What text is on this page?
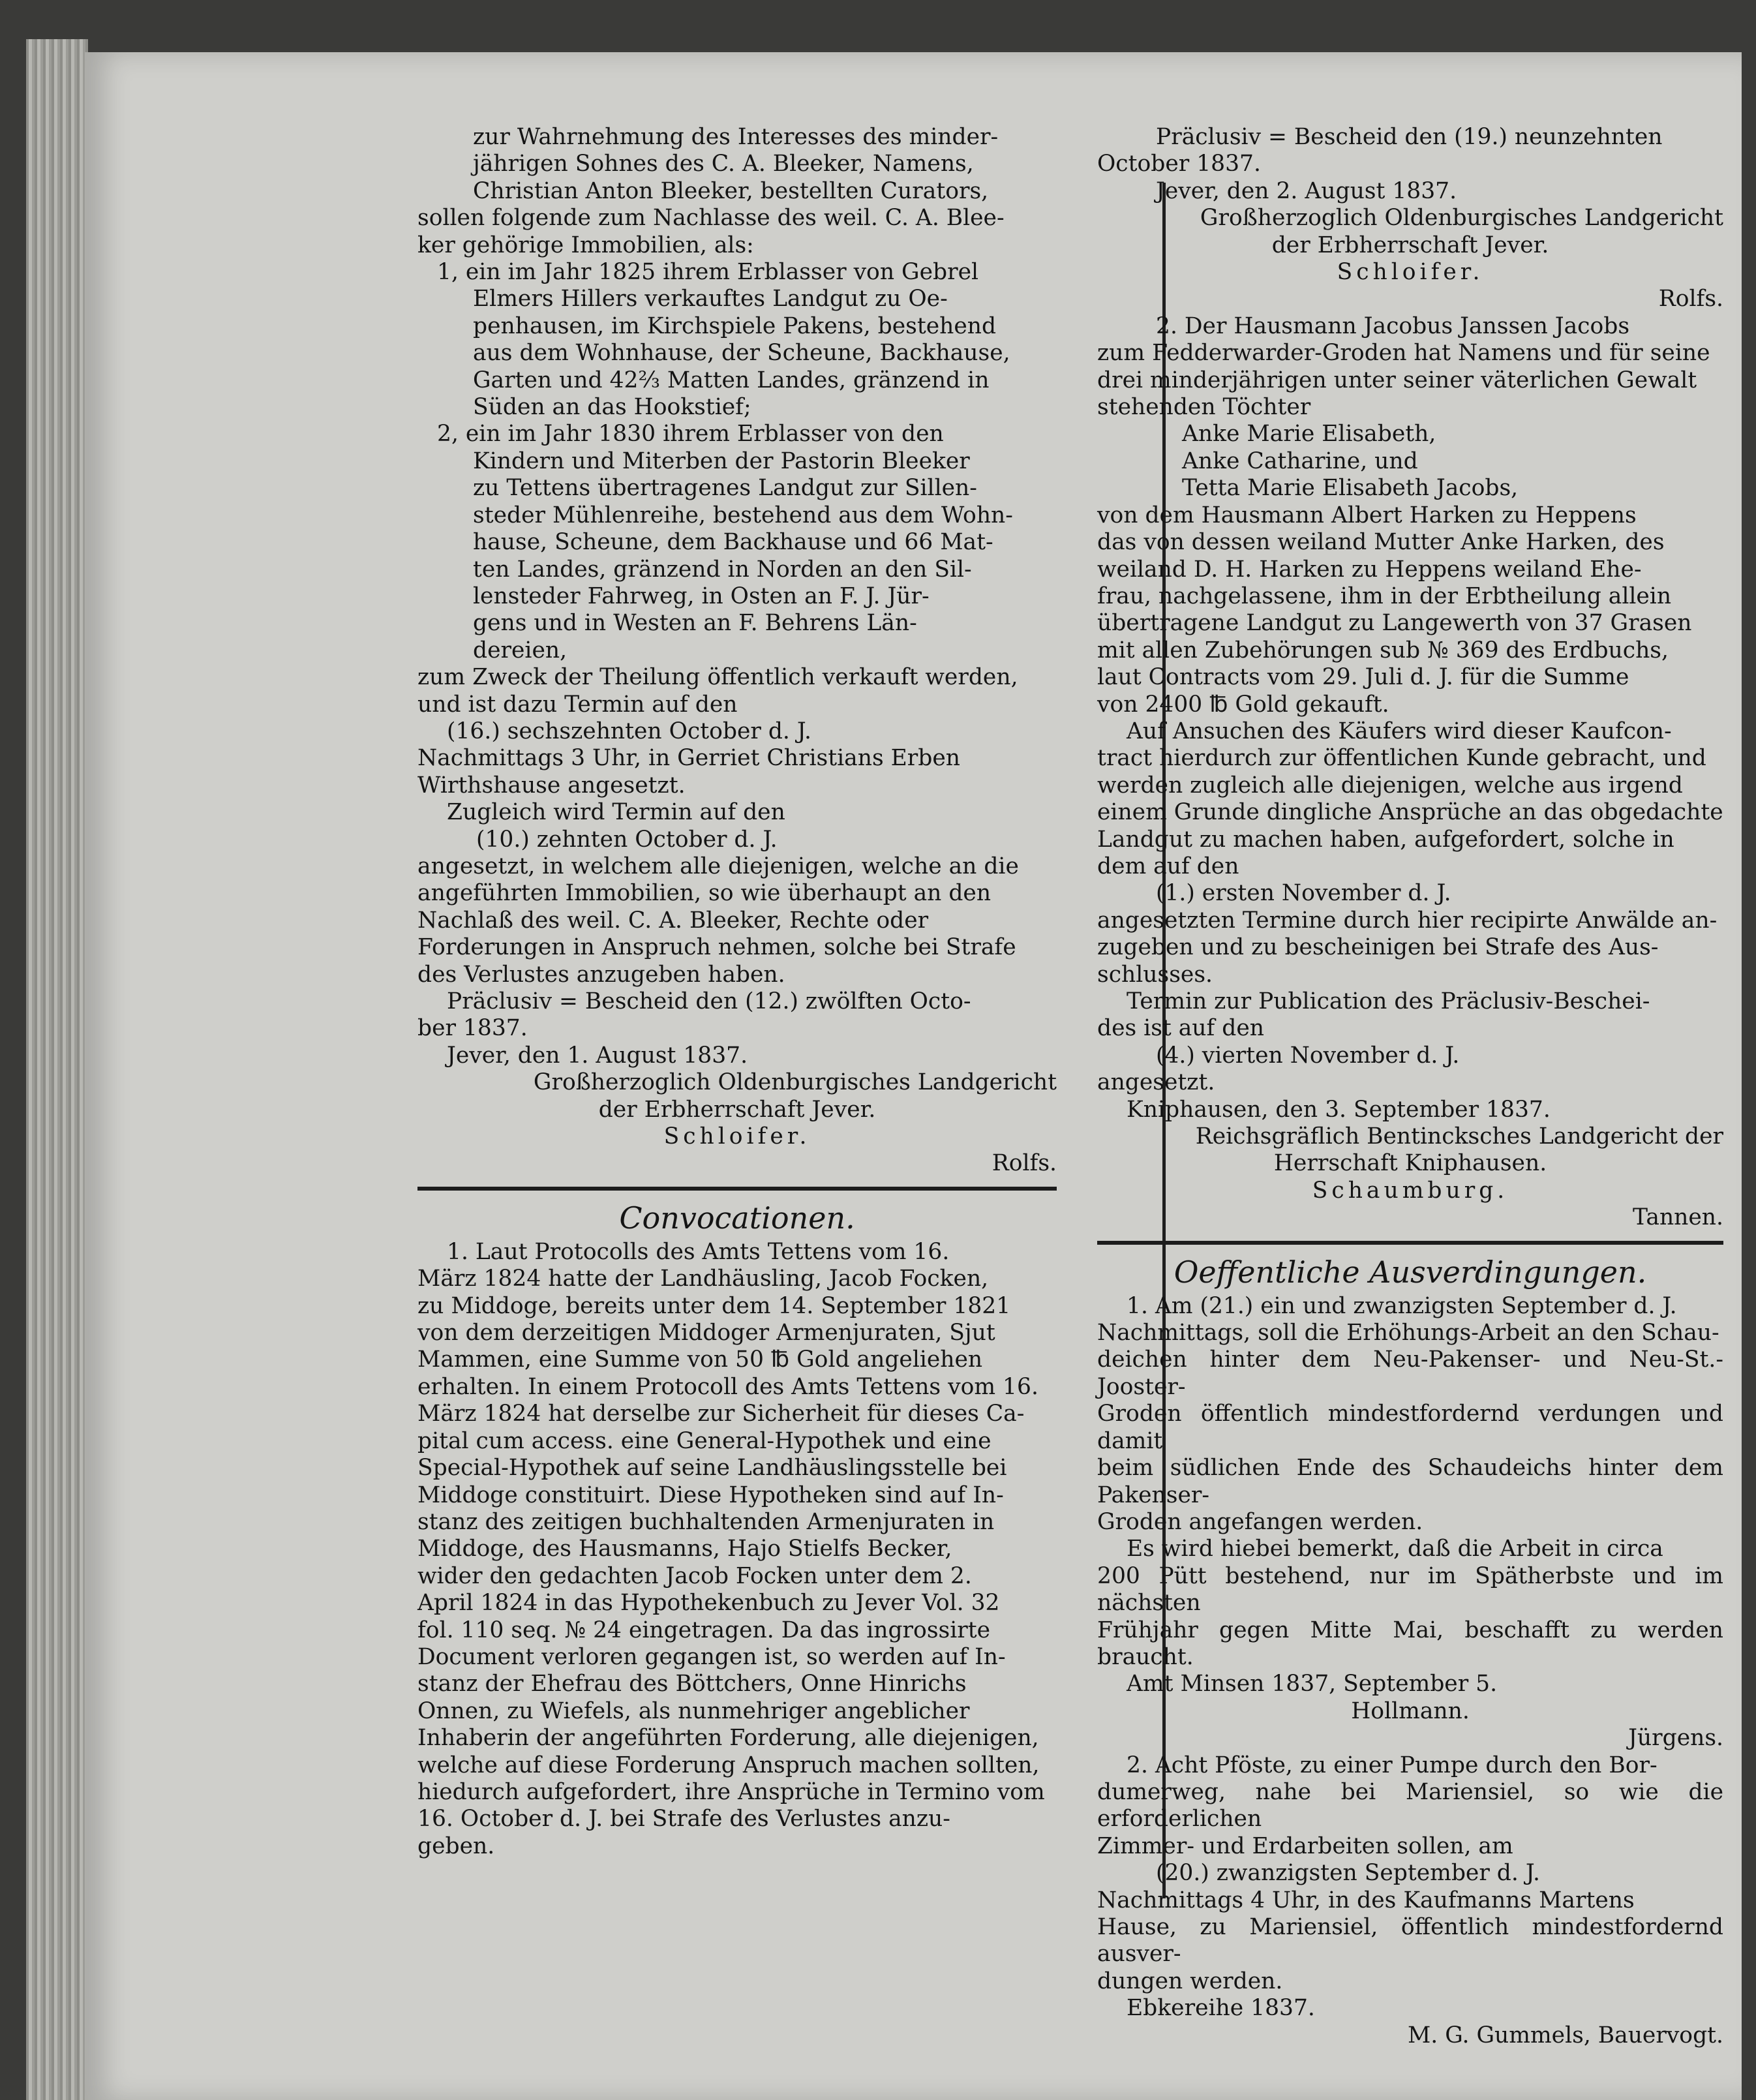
zur Wahrnehmung des Interesses des minder-

jährigen Sohnes des C. A. Bleeker, Namens,

Christian Anton Bleeker, bestellten Curators,

sollen folgende zum Nachlasse des weil. C. A. Blee-

ker gehörige Immobilien, als:

1, ein im Jahr 1825 ihrem Erblasser von Gebrel

Elmers Hillers verkauftes Landgut zu Oe-

penhausen, im Kirchspiele Pakens, bestehend

aus dem Wohnhause, der Scheune, Backhause,

Garten und 42⅔ Matten Landes, gränzend in

Süden an das Hookstief;

2, ein im Jahr 1830 ihrem Erblasser von den

Kindern und Miterben der Pastorin Bleeker

zu Tettens übertragenes Landgut zur Sillen-

steder Mühlenreihe, bestehend aus dem Wohn-

hause, Scheune, dem Backhause und 66 Mat-

ten Landes, gränzend in Norden an den Sil-

lensteder Fahrweg, in Osten an F. J. Jür-

gens und in Westen an F. Behrens Län-

dereien,

zum Zweck der Theilung öffentlich verkauft werden,

und ist dazu Termin auf den

(16.) sechszehnten October d. J.

Nachmittags 3 Uhr, in Gerriet Christians Erben

Wirthshause angesetzt.

Zugleich wird Termin auf den

(10.) zehnten October d. J.

angesetzt, in welchem alle diejenigen, welche an die

angeführten Immobilien, so wie überhaupt an den

Nachlaß des weil. C. A. Bleeker, Rechte oder

Forderungen in Anspruch nehmen, solche bei Strafe

des Verlustes anzugeben haben.

Präclusiv = Bescheid den (12.) zwölften Octo-

ber 1837.

Jever, den 1. August 1837.

Großherzoglich Oldenburgisches Landgericht

der Erbherrschaft Jever.

Schloifer.

Rolfs.

Convocationen.

1. Laut Protocolls des Amts Tettens vom 16.

März 1824 hatte der Landhäusling, Jacob Focken,

zu Middoge, bereits unter dem 14. September 1821

von dem derzeitigen Middoger Armenjuraten, Sjut

Mammen, eine Summe von 50 ℔ Gold angeliehen

erhalten. In einem Protocoll des Amts Tettens vom 16.

März 1824 hat derselbe zur Sicherheit für dieses Ca-

pital cum access. eine General-Hypothek und eine

Special-Hypothek auf seine Landhäuslingsstelle bei

Middoge constituirt. Diese Hypotheken sind auf In-

stanz des zeitigen buchhaltenden Armenjuraten in

Middoge, des Hausmanns, Hajo Stielfs Becker,

wider den gedachten Jacob Focken unter dem 2.

April 1824 in das Hypothekenbuch zu Jever Vol. 32

fol. 110 seq. № 24 eingetragen. Da das ingrossirte

Document verloren gegangen ist, so werden auf In-

stanz der Ehefrau des Böttchers, Onne Hinrichs

Onnen, zu Wiefels, als nunmehriger angeblicher

Inhaberin der angeführten Forderung, alle diejenigen,

welche auf diese Forderung Anspruch machen sollten,

hiedurch aufgefordert, ihre Ansprüche in Termino vom

16. October d. J. bei Strafe des Verlustes anzu-

geben.

Präclusiv = Bescheid den (19.) neunzehnten

October 1837.

Jever, den 2. August 1837.

Großherzoglich Oldenburgisches Landgericht

der Erbherrschaft Jever.

Schloifer.

Rolfs.

2. Der Hausmann Jacobus Janssen Jacobs

zum Fedderwarder-Groden hat Namens und für seine

drei minderjährigen unter seiner väterlichen Gewalt

stehenden Töchter

Anke Marie Elisabeth,

Anke Catharine, und

Tetta Marie Elisabeth Jacobs,

von dem Hausmann Albert Harken zu Heppens

das von dessen weiland Mutter Anke Harken, des

weiland D. H. Harken zu Heppens weiland Ehe-

frau, nachgelassene, ihm in der Erbtheilung allein

übertragene Landgut zu Langewerth von 37 Grasen

mit allen Zubehörungen sub № 369 des Erdbuchs,

laut Contracts vom 29. Juli d. J. für die Summe

von 2400 ℔ Gold gekauft.

Auf Ansuchen des Käufers wird dieser Kaufcon-

tract hierdurch zur öffentlichen Kunde gebracht, und

werden zugleich alle diejenigen, welche aus irgend

einem Grunde dingliche Ansprüche an das obgedachte

Landgut zu machen haben, aufgefordert, solche in

dem auf den

(1.) ersten November d. J.

angesetzten Termine durch hier recipirte Anwälde an-

zugeben und zu bescheinigen bei Strafe des Aus-

schlusses.

Termin zur Publication des Präclusiv-Beschei-

des ist auf den

(4.) vierten November d. J.

angesetzt.

Kniphausen, den 3. September 1837.

Reichsgräflich Bentincksches Landgericht der

Herrschaft Kniphausen.

Schaumburg.

Tannen.

Oeffentliche Ausverdingungen.

1. Am (21.) ein und zwanzigsten September d. J.

Nachmittags, soll die Erhöhungs-Arbeit an den Schau-

deichen hinter dem Neu-Pakenser- und Neu-St.-Jooster-

Groden öffentlich mindestfordernd verdungen und damit

beim südlichen Ende des Schaudeichs hinter dem Pakenser-

Groden angefangen werden.

Es wird hiebei bemerkt, daß die Arbeit in circa

200 Pütt bestehend, nur im Spätherbste und im nächsten

Frühjahr gegen Mitte Mai, beschafft zu werden braucht.

Amt Minsen 1837, September 5.

Hollmann.

Jürgens.

2. Acht Pföste, zu einer Pumpe durch den Bor-

dumerweg, nahe bei Mariensiel, so wie die erforderlichen

Zimmer- und Erdarbeiten sollen, am

(20.) zwanzigsten September d. J.

Nachmittags 4 Uhr, in des Kaufmanns Martens

Hause, zu Mariensiel, öffentlich mindestfordernd ausver-

dungen werden.

Ebkereihe 1837.

M. G. Gummels, Bauervogt.
